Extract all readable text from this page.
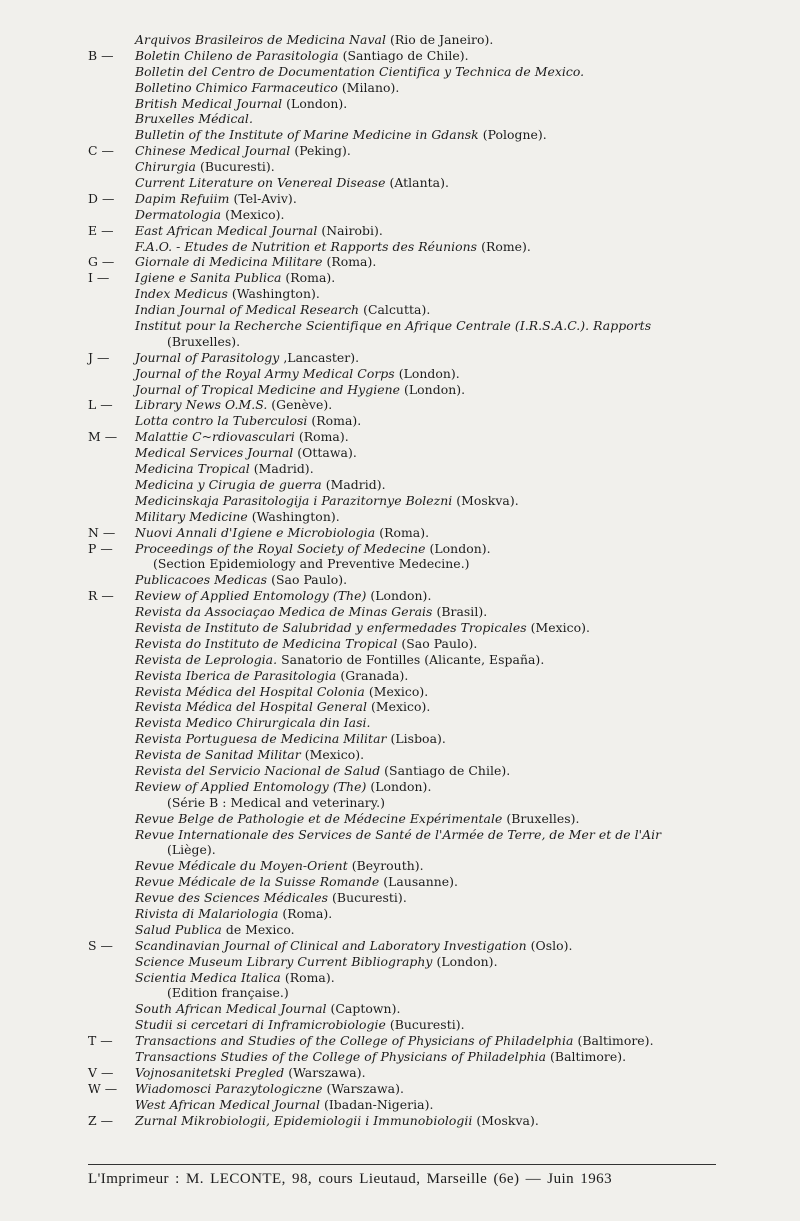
Arquivos Brasileiros de Medicina Naval (Rio de Janeiro).
B —	Boletin Chileno de Parasitologia (Santiago de Chile).
Bolletin del Centro de Documentation Cientifica y Technica de Mexico.
Bolletino Chimico Farmaceutico (Milano).
British Medical Journal (London).
Bruxelles Médical.
Bulletin of the Institute of Marine Medicine in Gdansk (Pologne).
C —	Chinese Medical Journal (Peking).
Chirurgia (Bucuresti).
Current Literature on Venereal Disease (Atlanta).
D —	Dapim Refuiim (Tel-Aviv).
Dermatologia (Mexico).
E —	East African Medical Journal (Nairobi).
F.A.O. - Etudes de Nutrition et Rapports des Réunions (Rome).
G —	Giornale di Medicina Militare (Roma).
I —	Igiene e Sanita Publica (Roma).
Index Medicus (Washington).
Indian Journal of Medical Research (Calcutta).
Institut pour la Recherche Scientifique en Afrique Centrale (I.R.S.A.C.). Rapports
(Bruxelles).
J —	Journal of Parasitology ,Lancaster).
Journal of the Royal Army Medical Corps (London).
Journal of Tropical Medicine and Hygiene (London).
L —	Library News O.M.S. (Genève).
Lotta contro la Tuberculosi (Roma).
M —	Malattie C~rdiovasculari (Roma).
Medical Services Journal (Ottawa).
Medicina Tropical (Madrid).
Medicina y Cirugia de guerra (Madrid).
Medicinskaja Parasitologija i Parazitornye Bolezni (Moskva).
Military Medicine (Washington).
N —	Nuovi Annali d'Igiene e Microbiologia (Roma).
P —	Proceedings of the Royal Society of Medecine (London).
(Section Epidemiology and Preventive Medecine.)
Publicacoes Medicas (Sao Paulo).
R —	Review of Applied Entomology (The) (London).
Revista da Associaçao Medica de Minas Gerais (Brasil).
Revista de Instituto de Salubridad y enfermedades Tropicales (Mexico).
Revista do Instituto de Medicina Tropical (Sao Paulo).
Revista de Leprologia. Sanatorio de Fontilles (Alicante, España).
Revista Iberica de Parasitologia (Granada).
Revista Médica del Hospital Colonia (Mexico).
Revista Médica del Hospital General (Mexico).
Revista Medico Chirurgicala din Iasi.
Revista Portuguesa de Medicina Militar (Lisboa).
Revista de Sanitad Militar (Mexico).
Revista del Servicio Nacional de Salud (Santiago de Chile).
Review of Applied Entomology (The) (London).
(Série B : Medical and veterinary.)
Revue Belge de Pathologie et de Médecine Expérimentale (Bruxelles).
Revue Internationale des Services de Santé de l'Armée de Terre, de Mer et de l'Air
(Liège).
Revue Médicale du Moyen-Orient (Beyrouth).
Revue Médicale de la Suisse Romande (Lausanne).
Revue des Sciences Médicales (Bucuresti).
Rivista di Malariologia (Roma).
Salud Publica de Mexico.
S —	Scandinavian Journal of Clinical and Laboratory Investigation (Oslo).
Science Museum Library Current Bibliography (London).
Scientia Medica Italica (Roma).
(Edition française.)
South African Medical Journal (Captown).
Studii si cercetari di Inframicrobiologie (Bucuresti).
T —	Transactions and Studies of the College of Physicians of Philadelphia (Baltimore).
Transactions Studies of the College of Physicians of Philadelphia (Baltimore).
V —	Vojnosanitetski Pregled (Warszawa).
W —	Wiadomosci Parazytologiczne (Warszawa).
West African Medical Journal (Ibadan-Nigeria).
Z —	Zurnal Mikrobiologii, Epidemiologii i Immunobiologii (Moskva).
L'Imprimeur : M. LECONTE, 98, cours Lieutaud, Marseille (6e) — Juin 1963
